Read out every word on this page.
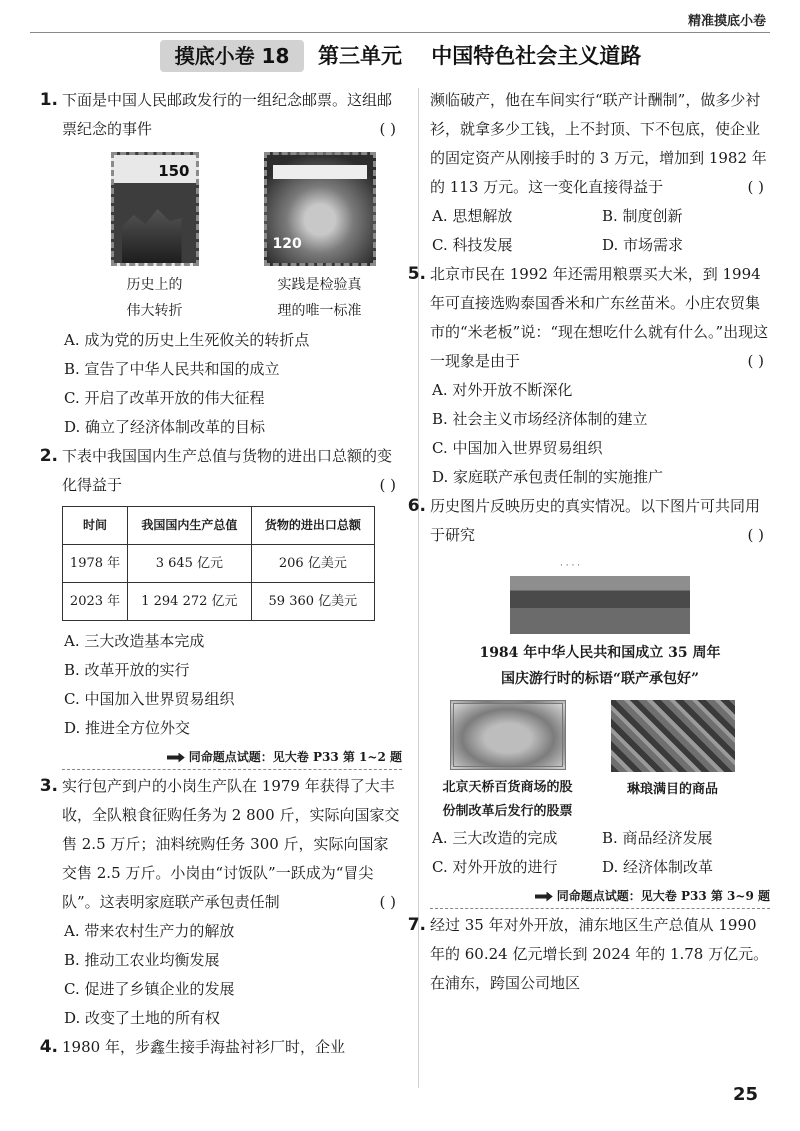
精准摸底小卷
摸底小卷 18	第三单元    中国特色社会主义道路
1. 下面是中国人民邮政发行的一组纪念邮票。这组邮票纪念的事件	( )
150
历史上的
伟大转折
120
实践是检验真
理的唯一标准
A. 成为党的历史上生死攸关的转折点
B. 宣告了中华人民共和国的成立
C. 开启了改革开放的伟大征程
D. 确立了经济体制改革的目标
2. 下表中我国国内生产总值与货物的进出口总额的变化得益于	( )
时间	我国国内生产总值	货物的进出口总额
1978 年	3 645 亿元	206 亿美元
2023 年	1 294 272 亿元	59 360 亿美元
A. 三大改造基本完成
B. 改革开放的实行
C. 中国加入世界贸易组织
D. 推进全方位外交
同命题点试题：见大卷 P33 第 1~2 题
3. 实行包产到户的小岗生产队在 1979 年获得了大丰收，全队粮食征购任务为 2 800 斤，实际向国家交售 2.5 万斤；油料统购任务 300 斤，实际向国家交售 2.5 万斤。小岗由“讨饭队”一跃成为“冒尖队”。这表明家庭联产承包责任制	( )
A. 带来农村生产力的解放
B. 推动工农业均衡发展
C. 促进了乡镇企业的发展
D. 改变了土地的所有权
4. 1980 年，步鑫生接手海盐衬衫厂时，企业
濒临破产，他在车间实行“联产计酬制”，做多少衬衫，就拿多少工钱，上不封顶、下不包底，使企业的固定资产从刚接手时的 3 万元，增加到 1982 年的 113 万元。这一变化直接得益于	( )
A. 思想解放	B. 制度创新
C. 科技发展	D. 市场需求
5. 北京市民在 1992 年还需用粮票买大米，到 1994 年可直接选购泰国香米和广东丝苗米。小庄农贸集市的“米老板”说：“现在想吃什么就有什么。”出现这一现象是由于	( )
A. 对外开放不断深化
B. 社会主义市场经济体制的建立
C. 中国加入世界贸易组织
D. 家庭联产承包责任制的实施推广
6. 历史图片反映历史的真实情况。以下图片可共同用于研究	( )
· · · ·
1984 年中华人民共和国成立 35 周年
国庆游行时的标语“联产承包好”
北京天桥百货商场的股
份制改革后发行的股票
琳琅满目的商品
A. 三大改造的完成	B. 商品经济发展
C. 对外开放的进行	D. 经济体制改革
同命题点试题：见大卷 P33 第 3~9 题
7. 经过 35 年对外开放，浦东地区生产总值从 1990 年的 60.24 亿元增长到 2024 年的 1.78 万亿元。在浦东，跨国公司地区
25
